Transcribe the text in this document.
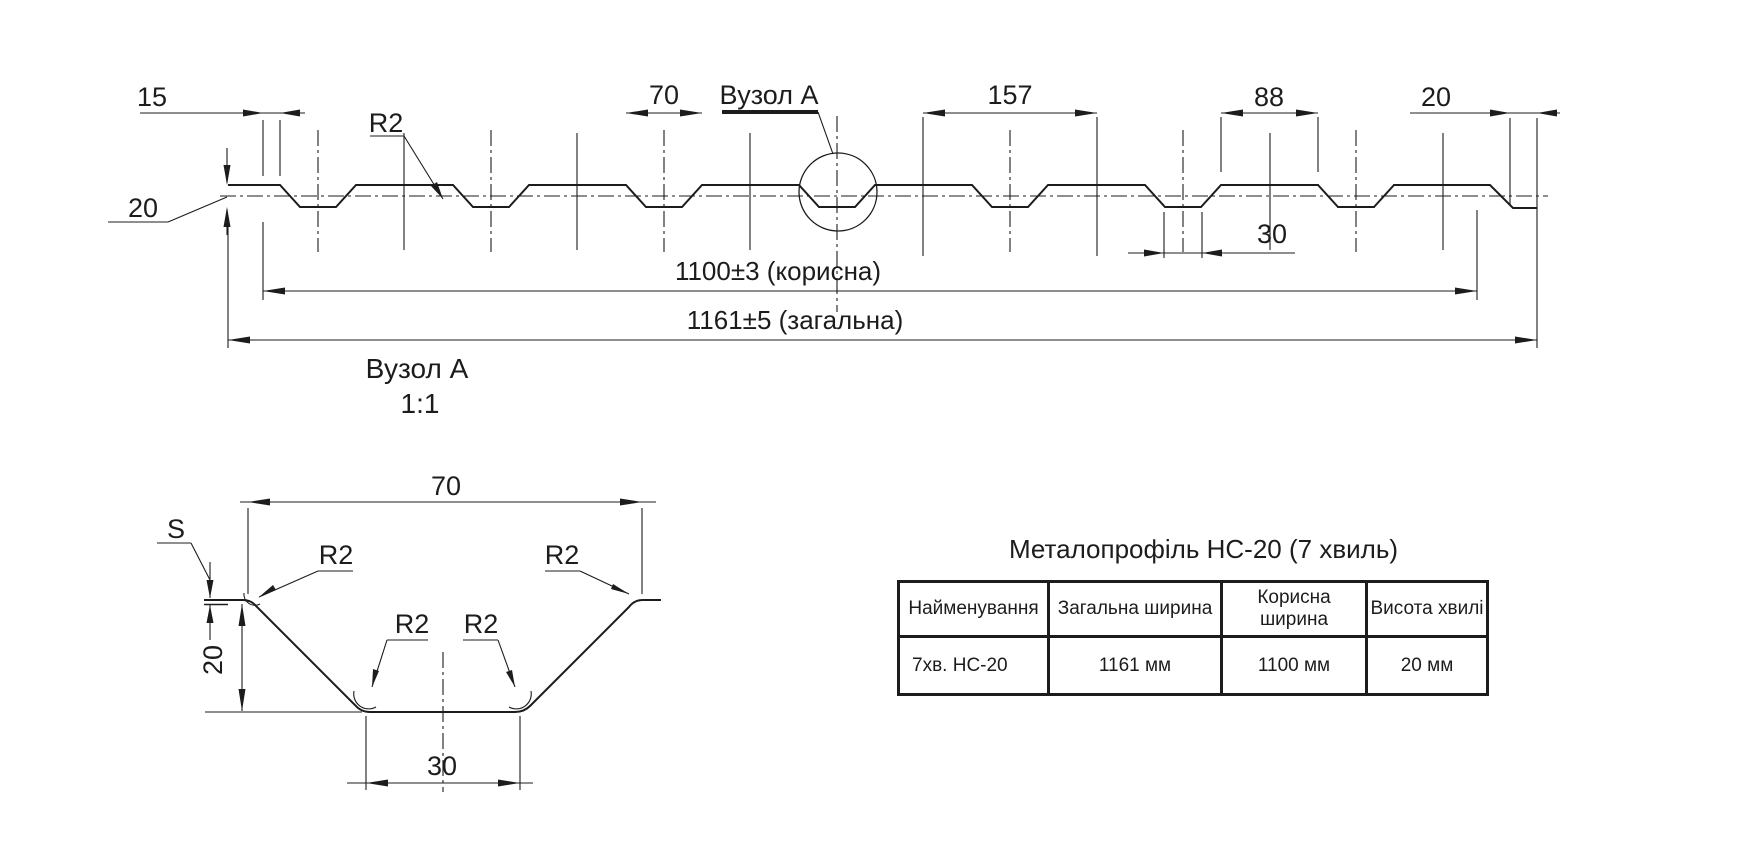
15
20
R2
70 Вузол А	157	88	20
30
1100±3 (корисна)
1161±5 (загальна)
Вузол А
1:1
70
S
R2	R2
R2 R2
20
30
Металопрофіль НС-20 (7 хвиль)
Найменування	Загальна ширина	Корисна ширина	Висота хвилі
7хв. НС-20	1161 мм	1100 мм	20 мм
